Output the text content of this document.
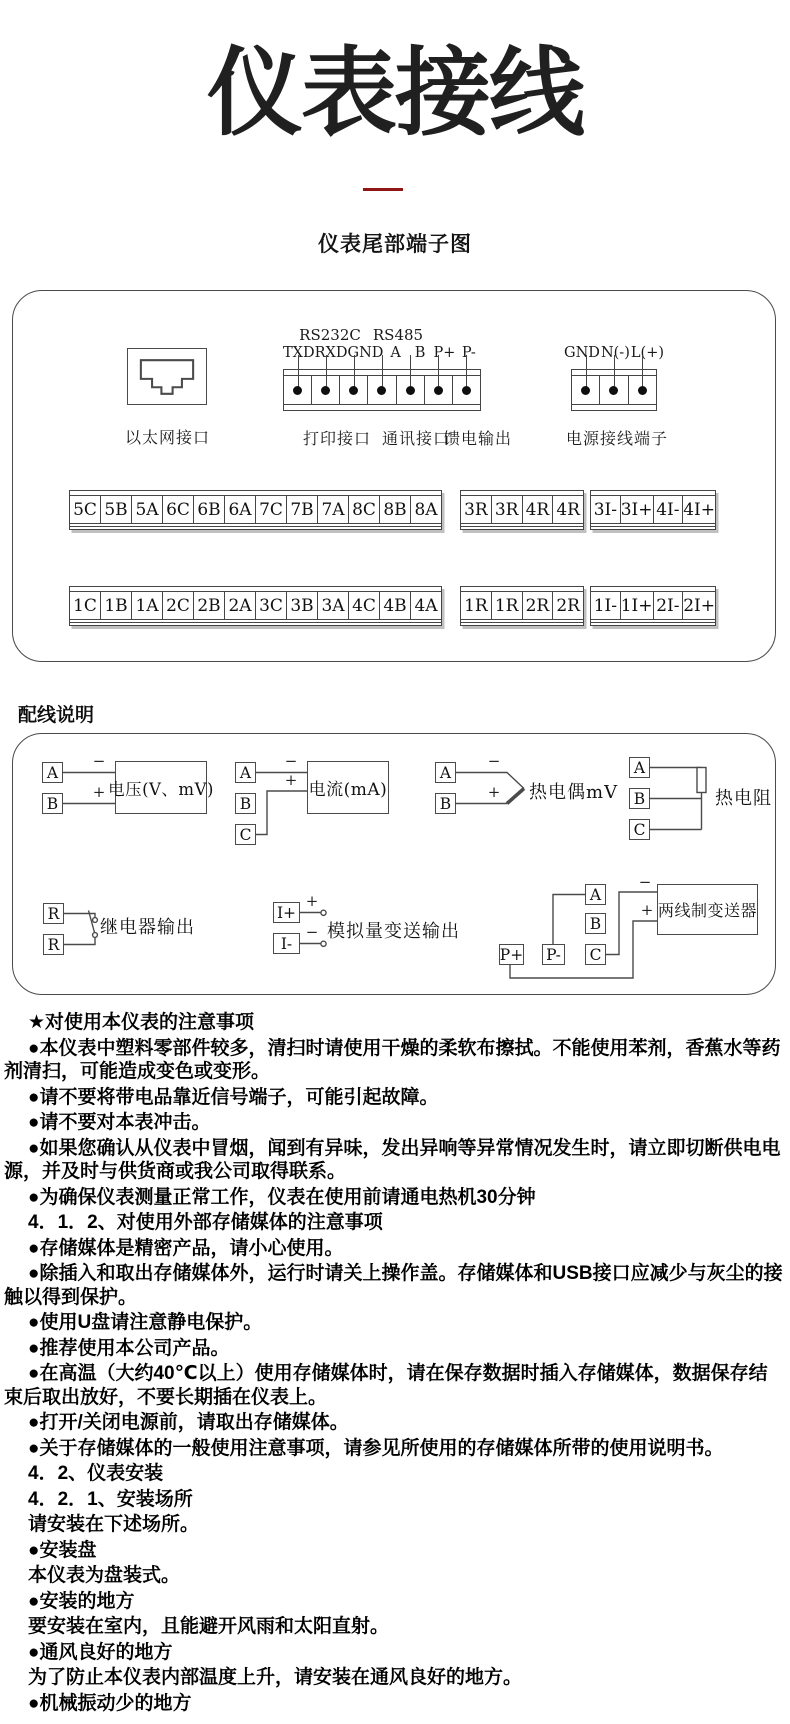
仪表接线
仪表尾部端子图
以太网接口
RS232C RS485
TXD RXD GND A B P+ P-
打印接口 通讯接口
馈电输出
GND N(-) L(+)
电源接线端子
5C 5B 5A 6C 6B 6A 7C 7B 7A 8C 8B 8A 3R 3R 4R 4R 3I- 3I+ 4I- 4I+
1C 1B 1A 2C 2B 2A 3C 3B 3A 4C 4B 4A 1R 1R 2R 2R 1I- 1I+ 2I- 2I+
配线说明
A
B
−
+ 电压(V、mV)
A
B
C
−
+ 电流(mA)
A
B
−
+ 热电偶mV
A
B
C
热电阻
R
R
继电器输出
I+
I-
+
− 模拟量变送输出
A
B
C
P+ P-
−
+ 两线制变送器

★对使用本仪表的注意事项

●本仪表中塑料零部件较多，清扫时请使用干燥的柔软布擦拭。不能使用苯剂，香蕉水等药剂清扫，可能造成变色或变形。

●请不要将带电品靠近信号端子，可能引起故障。

●请不要对本表冲击。

●如果您确认从仪表中冒烟，闻到有异味，发出异响等异常情况发生时，请立即切断供电电源，并及时与供货商或我公司取得联系。

●为确保仪表测量正常工作，仪表在使用前请通电热机30分钟

4．1．2、对使用外部存储媒体的注意事项

●存储媒体是精密产品，请小心使用。

●除插入和取出存储媒体外，运行时请关上操作盖。存储媒体和USB接口应减少与灰尘的接触以得到保护。

●使用U盘请注意静电保护。

●推荐使用本公司产品。

●在高温（大约40℃以上）使用存储媒体时，请在保存数据时插入存储媒体，数据保存结束后取出放好，不要长期插在仪表上。

●打开/关闭电源前，请取出存储媒体。

●关于存储媒体的一般使用注意事项，请参见所使用的存储媒体所带的使用说明书。

4．2、仪表安装

4．2．1、安装场所

请安装在下述场所。

●安装盘

本仪表为盘装式。

●安装的地方

要安装在室内，且能避开风雨和太阳直射。

●通风良好的地方

为了防止本仪表内部温度上升，请安装在通风良好的地方。

●机械振动少的地方
